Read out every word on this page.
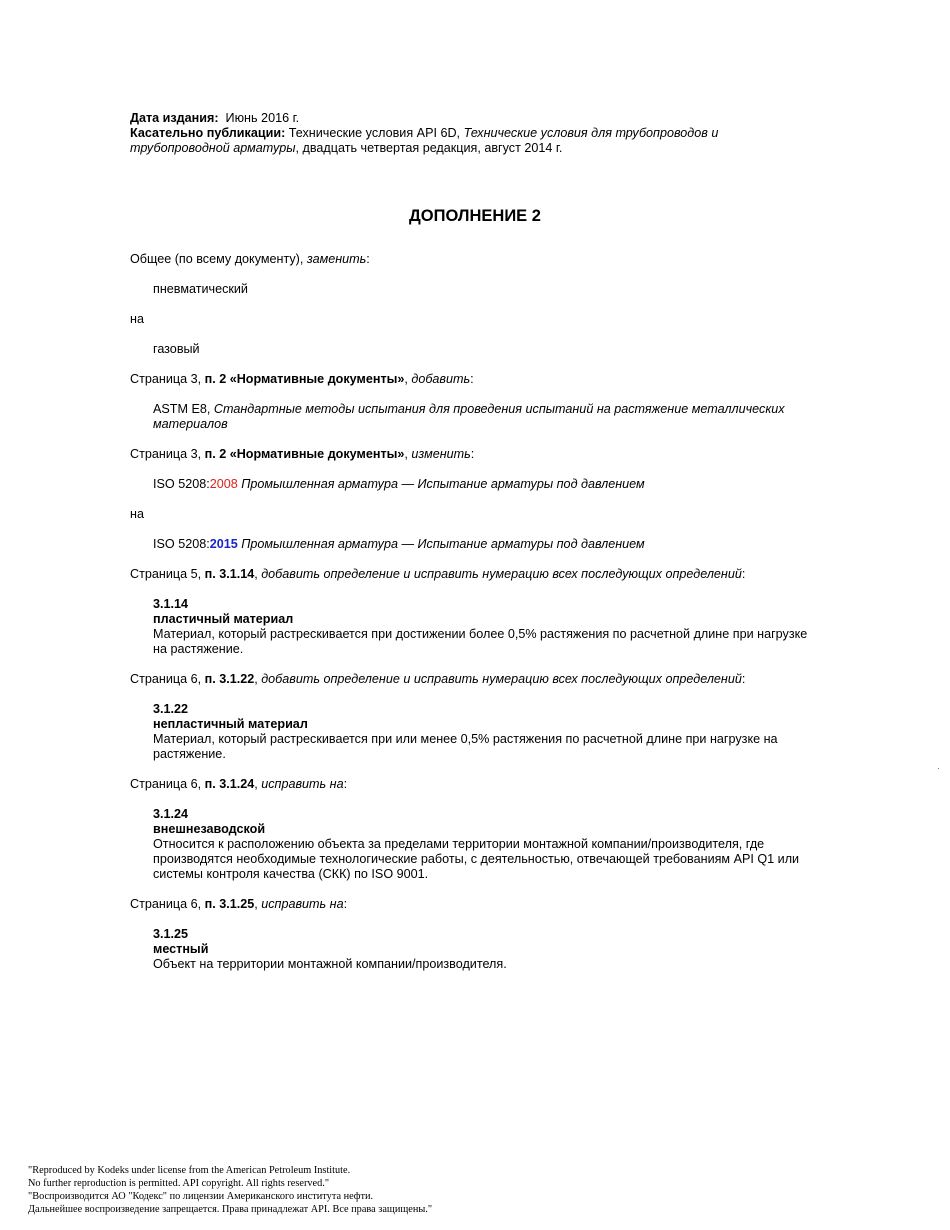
Дата издания: Июнь 2016 г.

Касательно публикации: Технические условия API 6D, Технические условия для трубопроводов и трубопроводной арматуры, двадцать четвертая редакция, август 2014 г.

ДОПОЛНЕНИЕ 2

Общее (по всему документу), заменить:

пневматический

на

газовый

Страница 3, п. 2 «Нормативные документы», добавить:

ASTM E8, Стандартные методы испытания для проведения испытаний на растяжение металлических материалов

Страница 3, п. 2 «Нормативные документы», изменить:

ISO 5208:2008 Промышленная арматура — Испытание арматуры под давлением

на

ISO 5208:2015 Промышленная арматура — Испытание арматуры под давлением

Страница 5, п. 3.1.14, добавить определение и исправить нумерацию всех последующих определений:

3.1.14

пластичный материал

Материал, который растрескивается при достижении более 0,5% растяжения по расчетной длине при нагрузке на растяжение.

Страница 6, п. 3.1.22, добавить определение и исправить нумерацию всех последующих определений:

3.1.22

непластичный материал

Материал, который растрескивается при или менее 0,5% растяжения по расчетной длине при нагрузке на растяжение.

Страница 6, п. 3.1.24, исправить на:

3.1.24

внешнезаводской

Относится к расположению объекта за пределами территории монтажной компании/производителя, где производятся необходимые технологические работы, с деятельностью, отвечающей требованиям API Q1 или системы контроля качества (СКК) по ISO 9001.

Страница 6, п. 3.1.25, исправить на:

3.1.25

местный

Объект на территории монтажной компании/производителя.

"Reproduced by Kodeks under license from the American Petroleum Institute.
No further reproduction is permitted. API copyright. All rights reserved."
"Воспроизводится АО "Кодекс" по лицензии Американского института нефти.
Дальнейшее воспроизведение запрещается. Права принадлежат API. Все права защищены."
